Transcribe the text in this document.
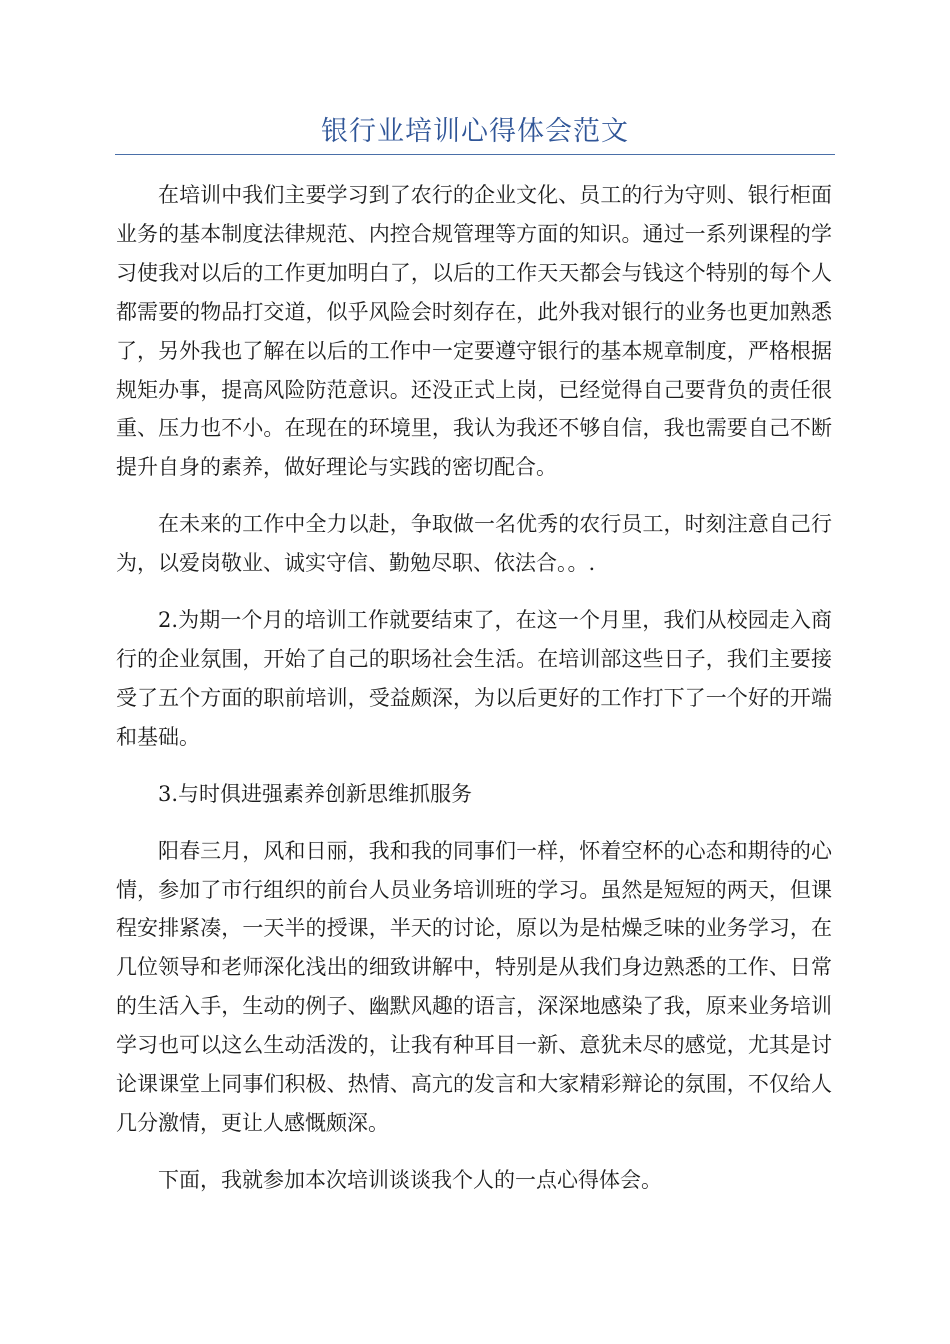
银行业培训心得体会范文

在培训中我们主要学习到了农行的企业文化、员工的行为守则、银行柜面业务的基本制度法律规范、内控合规管理等方面的知识。通过一系列课程的学习使我对以后的工作更加明白了，以后的工作天天都会与钱这个特别的每个人都需要的物品打交道，似乎风险会时刻存在，此外我对银行的业务也更加熟悉了，另外我也了解在以后的工作中一定要遵守银行的基本规章制度，严格根据规矩办事，提高风险防范意识。还没正式上岗，已经觉得自己要背负的责任很重、压力也不小。在现在的环境里，我认为我还不够自信，我也需要自己不断提升自身的素养，做好理论与实践的密切配合。

在未来的工作中全力以赴，争取做一名优秀的农行员工，时刻注意自己行为，以爱岗敬业、诚实守信、勤勉尽职、依法合。。.

2.为期一个月的培训工作就要结束了，在这一个月里，我们从校园走入商行的企业氛围，开始了自己的职场社会生活。在培训部这些日子，我们主要接受了五个方面的职前培训，受益颇深，为以后更好的工作打下了一个好的开端和基础。

3.与时俱进强素养创新思维抓服务

阳春三月，风和日丽，我和我的同事们一样，怀着空杯的心态和期待的心情，参加了市行组织的前台人员业务培训班的学习。虽然是短短的两天，但课程安排紧凑，一天半的授课，半天的讨论，原以为是枯燥乏味的业务学习，在几位领导和老师深化浅出的细致讲解中，特别是从我们身边熟悉的工作、日常的生活入手，生动的例子、幽默风趣的语言，深深地感染了我，原来业务培训学习也可以这么生动活泼的，让我有种耳目一新、意犹未尽的感觉，尤其是讨论课课堂上同事们积极、热情、高亢的发言和大家精彩辩论的氛围，不仅给人几分激情，更让人感慨颇深。

下面，我就参加本次培训谈谈我个人的一点心得体会。
